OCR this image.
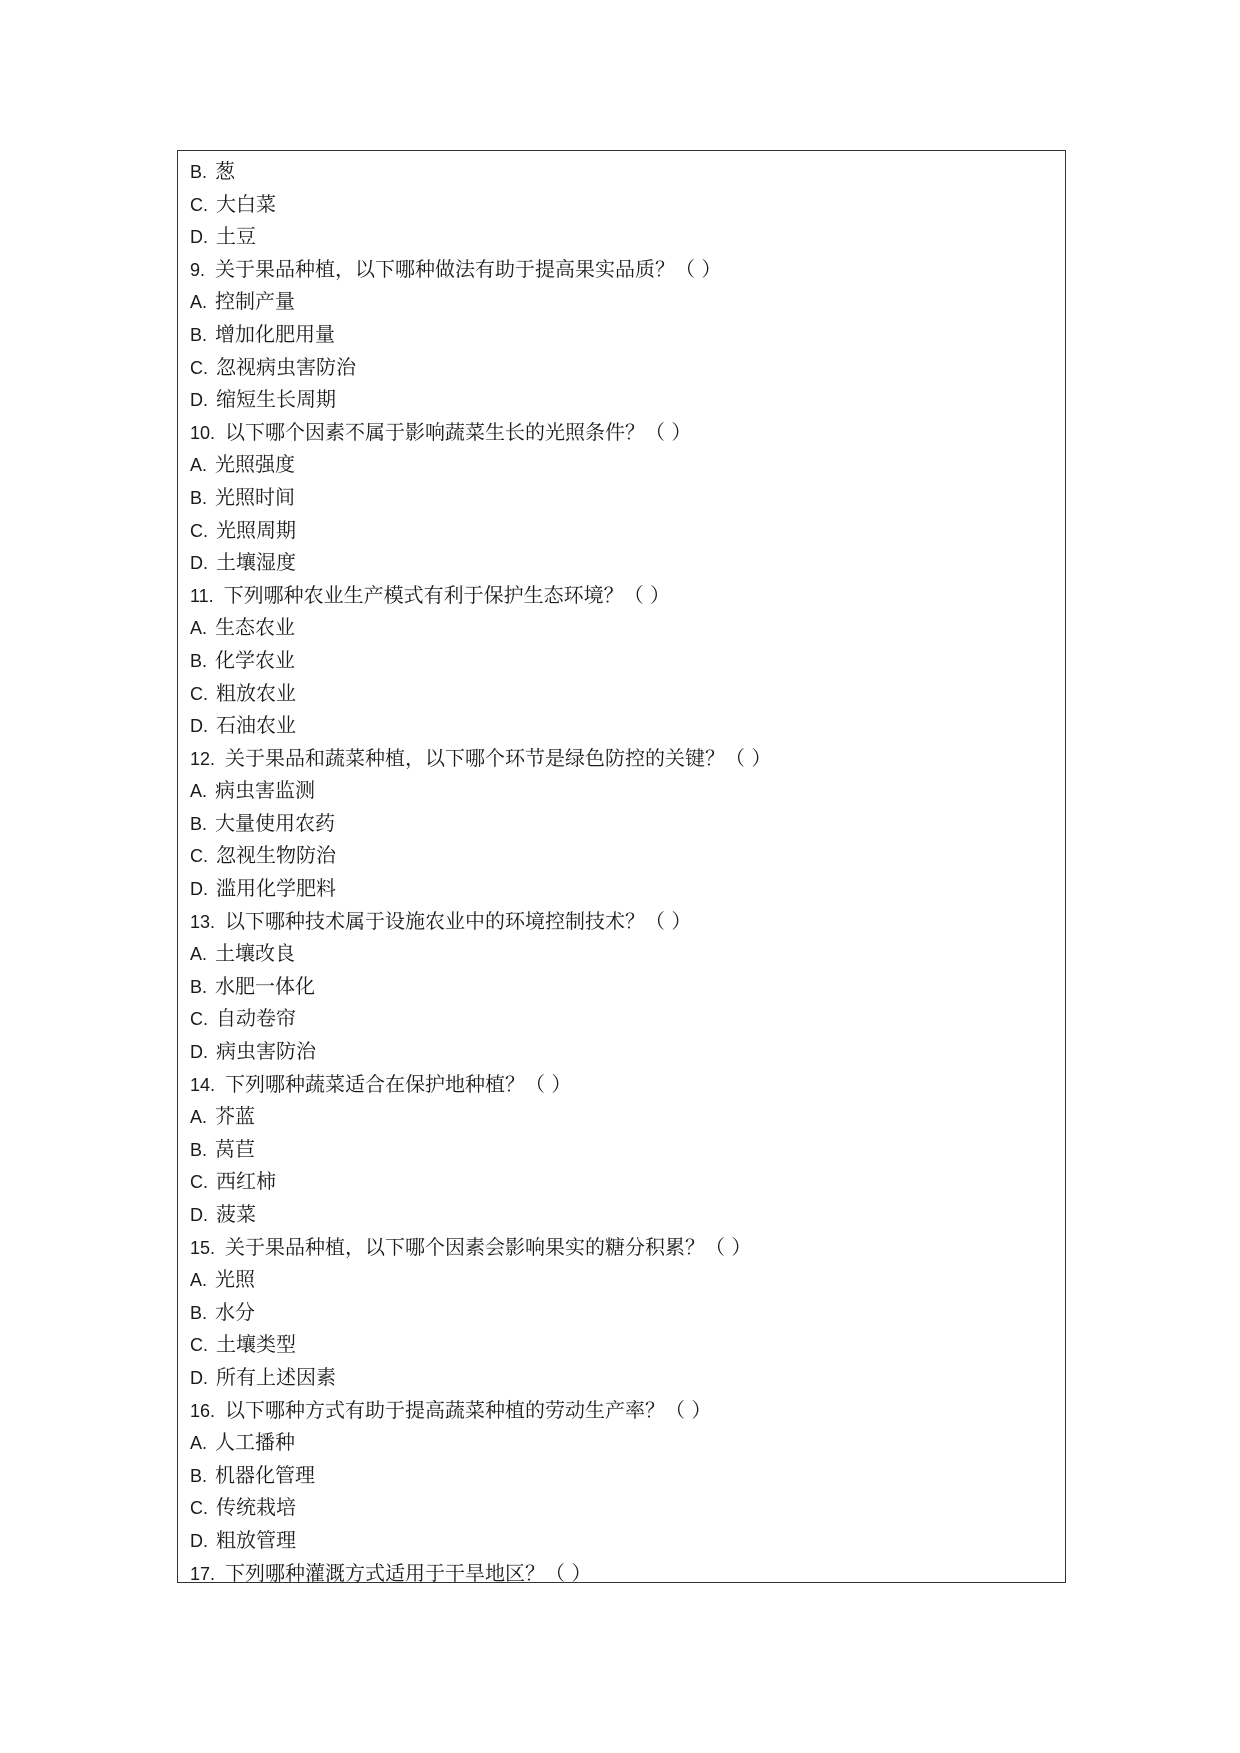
B. 葱
C. 大白菜
D. 土豆
9. 关于果品种植，以下哪种做法有助于提高果实品质？（ ）
A. 控制产量
B. 增加化肥用量
C. 忽视病虫害防治
D. 缩短生长周期
10. 以下哪个因素不属于影响蔬菜生长的光照条件？（ ）
A. 光照强度
B. 光照时间
C. 光照周期
D. 土壤湿度
11. 下列哪种农业生产模式有利于保护生态环境？（ ）
A. 生态农业
B. 化学农业
C. 粗放农业
D. 石油农业
12. 关于果品和蔬菜种植，以下哪个环节是绿色防控的关键？（ ）
A. 病虫害监测
B. 大量使用农药
C. 忽视生物防治
D. 滥用化学肥料
13. 以下哪种技术属于设施农业中的环境控制技术？（ ）
A. 土壤改良
B. 水肥一体化
C. 自动卷帘
D. 病虫害防治
14. 下列哪种蔬菜适合在保护地种植？（ ）
A. 芥蓝
B. 莴苣
C. 西红柿
D. 菠菜
15. 关于果品种植，以下哪个因素会影响果实的糖分积累？（ ）
A. 光照
B. 水分
C. 土壤类型
D. 所有上述因素
16. 以下哪种方式有助于提高蔬菜种植的劳动生产率？（ ）
A. 人工播种
B. 机器化管理
C. 传统栽培
D. 粗放管理
17. 下列哪种灌溉方式适用于干旱地区？（ ）
